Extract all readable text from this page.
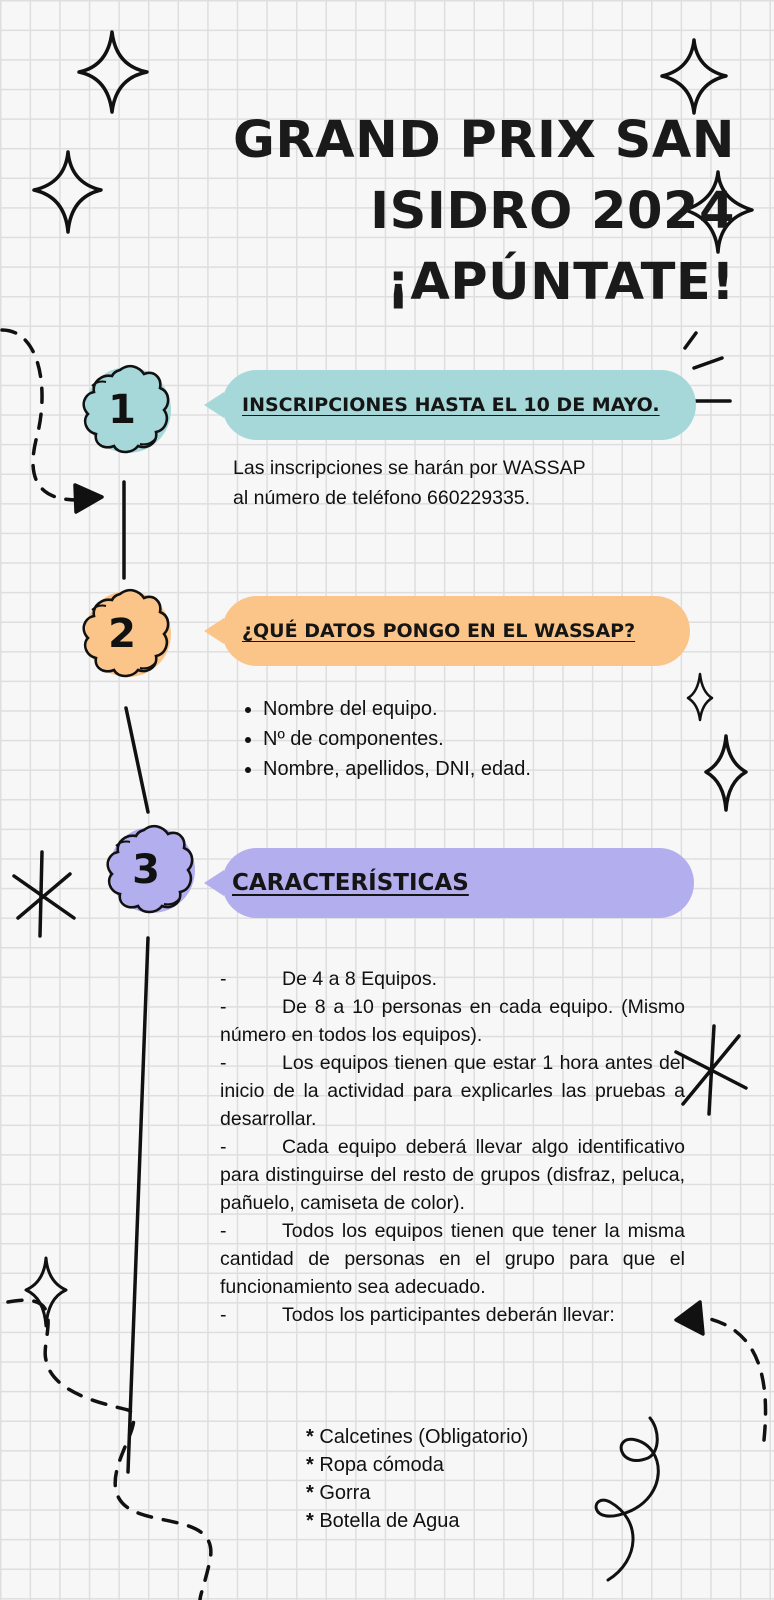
GRAND PRIX SAN
ISIDRO 2024
¡APÚNTATE!
1	INSCRIPCIONES HASTA EL 10 DE MAYO.

Las inscripciones se harán por WASSAP
al número de teléfono 660229335.

2	¿QUÉ DATOS PONGO EN EL WASSAP?
• Nombre del equipo.
• Nº de componentes.
• Nombre, apellidos, DNI, edad.
3	CARACTERÍSTICAS

-	De 4 a 8 Equipos.

-	De 8 a 10 personas en cada equipo. (Mismo número en todos los equipos).

-	Los equipos tienen que estar 1 hora antes del inicio de la actividad para explicarles las pruebas a desarrollar.

-	Cada equipo deberá llevar algo identificativo para distinguirse del resto de grupos (disfraz, peluca, pañuelo, camiseta de color).

-	Todos los equipos tienen que tener la misma cantidad de personas en el grupo para que el funcionamiento sea adecuado.

-	Todos los participantes deberán llevar:

* Calcetines (Obligatorio)
* Ropa cómoda
* Gorra
* Botella de Agua
